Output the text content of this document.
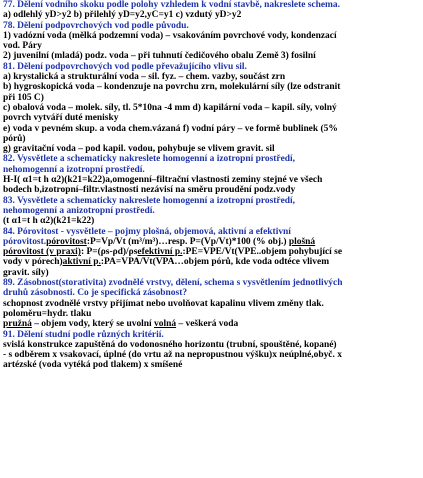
77. Dělení vodního skoku podle polohy vzhledem k vodní stavbě, nakreslete schema.
a) odlehlý yD>y2 b) přilehlý yD=y2,yC=y1 c) vzdutý yD>y2
78. Dělení podpovrchových vod podle původu.
1) vadózní voda (mělká podzemní voda) – vsakováním povrchové vody, kondenzací
vod. Páry
2) juvenilní (mladá) podz. voda – při tuhnutí čedičového obalu Země 3) fosilní
81. Dělení podpovrchových vod podle převažujícího vlivu sil.
a) krystalická a strukturální voda – sil. fyz. – chem. vazby, součást zrn
b) hygroskopická voda – kondenzuje na povrchu zrn, molekulární síly (lze odstranit
při 105 C)
c) obalová voda – molek. síly, tl. 5*10na -4 mm d) kapilární voda – kapil. síly, volný
povrch vytváří duté menisky
e) voda v pevném skup. a voda chem.vázaná f) vodní páry – ve formě bublinek (5%
pórů)
g) gravitační voda – pod kapil. vodou, pohybuje se vlivem gravit. sil
82. Vysvětlete a schematicky nakreslete homogenní a izotropní prostředí,
nehomogenní a izotropní prostředí.
H-I( α1=t h α2)(k21=k22)a,omogenní–filtrační vlastnosti zeminy stejné ve všech
bodech b,izotropní–filtr.vlastnosti nezávisí na směru proudění podz.vody
83. Vysvětlete a schematicky nakreslete homogenní a izotropní prostředí,
nehomogenní a anizotropní prostředí.
(t α1=t h α2)(k21=k22)
84. Pórovitost - vysvětlete – pojmy plošná, objemová, aktivní a efektivní
pórovitost.pórovitost:P=Vp/Vt (m³/m³)…resp. P=(Vp/Vt)*100 (% obj.) plošná
pórovitost (v praxi): P=(ρs-ρd)/ρsefektivní p.:PE=VPE/Vt(VPE..objem pohybující se
vody v pórech)aktivní p.:PA=VPA/Vt(VPA…objem pórů, kde voda odtéce vlivem
gravit. síly)
89. Zásobnost(storativita) zvodnělé vrstvy, dělení, schema s vysvětlením jednotlivých
druhů zásobnosti. Co je specifická zásobnost?
schopnost zvodnělé vrstvy přijímat nebo uvolňovat kapalinu vlivem změny tlak.
poloměru=hydr. tlaku
pružná – objem vody, který se uvolní volná – veškerá voda
91. Dělení studní podle různých kritérií.
svislá konstrukce zapuštěná do vodonosného horizontu (trubní, spouštěné, kopané)
- s odběrem x vsakovací, úplné (do vrtu až na nepropustnou výšku)x neúplné,obyč. x
artézské (voda vytéká pod tlakem) x smíšené
